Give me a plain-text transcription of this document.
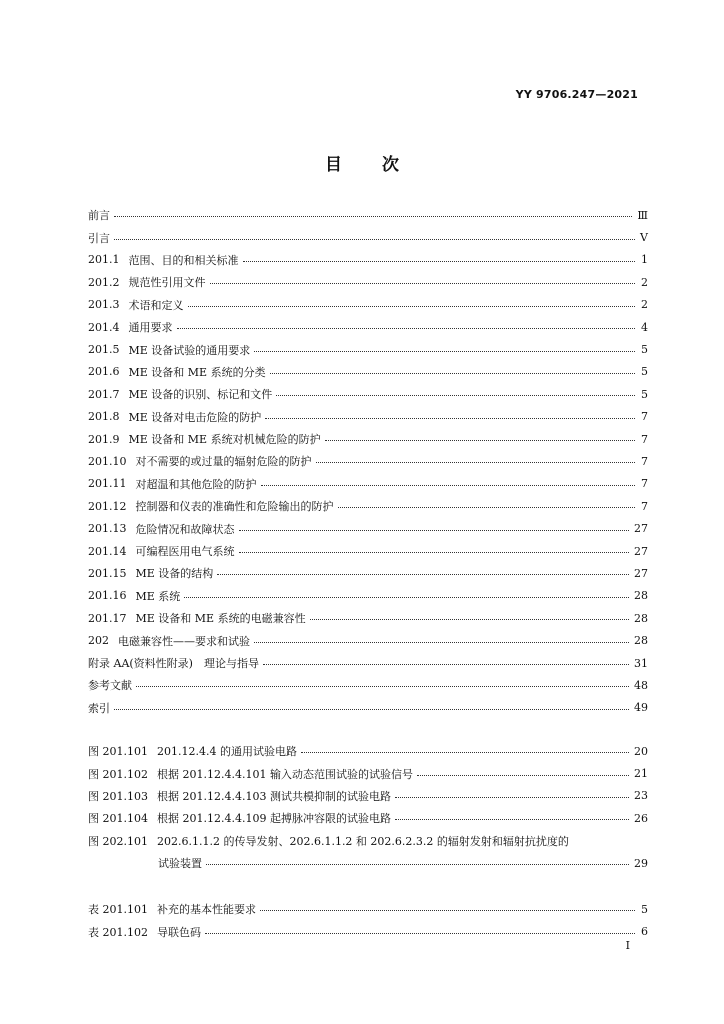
YY 9706.247—2021
目 次
前言	Ⅲ
引言	Ⅴ
201.1 范围、目的和相关标准	1
201.2 规范性引用文件	2
201.3 术语和定义	2
201.4 通用要求	4
201.5 ME 设备试验的通用要求	5
201.6 ME 设备和 ME 系统的分类	5
201.7 ME 设备的识别、标记和文件	5
201.8 ME 设备对电击危险的防护	7
201.9 ME 设备和 ME 系统对机械危险的防护	7
201.10 对不需要的或过量的辐射危险的防护	7
201.11 对超温和其他危险的防护	7
201.12 控制器和仪表的准确性和危险输出的防护	7
201.13 危险情况和故障状态	27
201.14 可编程医用电气系统	27
201.15 ME 设备的结构	27
201.16 ME 系统	28
201.17 ME 设备和 ME 系统的电磁兼容性	28
202 电磁兼容性——要求和试验	28
附录 AA(资料性附录)　理论与指导	31
参考文献	48
索引	49
图 201.101 201.12.4.4 的通用试验电路	20
图 201.102 根据 201.12.4.4.101 输入动态范围试验的试验信号	21
图 201.103 根据 201.12.4.4.103 测试共模抑制的试验电路	23
图 201.104 根据 201.12.4.4.109 起搏脉冲容限的试验电路	26
图 202.101 202.6.1.1.2 的传导发射、202.6.1.1.2 和 202.6.2.3.2 的辐射发射和辐射抗扰度的
试验装置	29
表 201.101 补充的基本性能要求	5
表 201.102 导联色码	6
I
